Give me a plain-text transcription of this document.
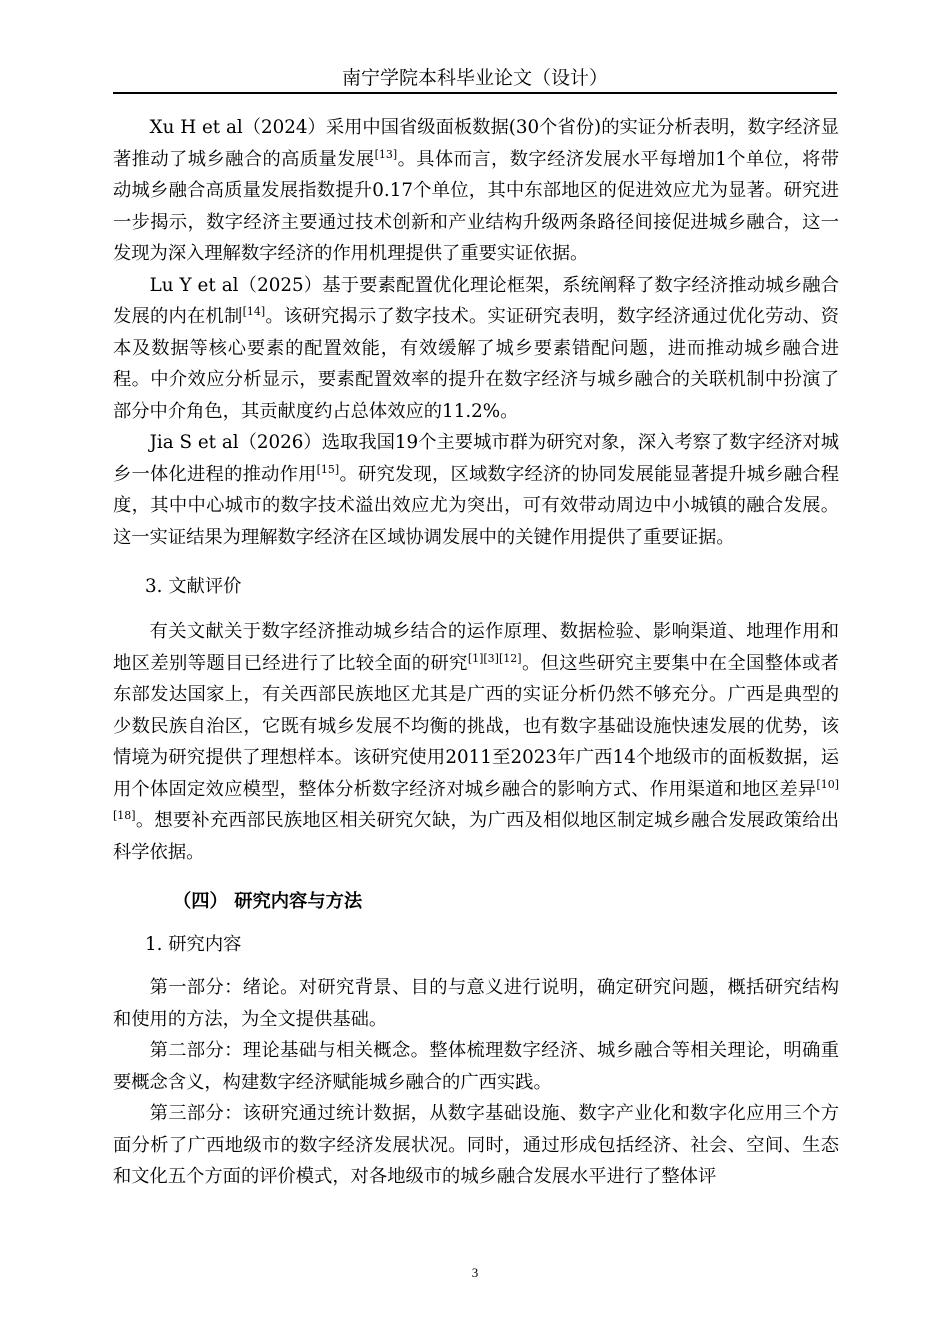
南宁学院本科毕业论文（设计）

Xu H et al（2024）采用中国省级面板数据(30个省份)的实证分析表明，数字经济显著推动了城乡融合的高质量发展[13]。具体而言，数字经济发展水平每增加1个单位，将带动城乡融合高质量发展指数提升0.17个单位，其中东部地区的促进效应尤为显著。研究进一步揭示，数字经济主要通过技术创新和产业结构升级两条路径间接促进城乡融合，这一发现为深入理解数字经济的作用机理提供了重要实证依据。

Lu Y et al（2025）基于要素配置优化理论框架，系统阐释了数字经济推动城乡融合发展的内在机制[14]。该研究揭示了数字技术。实证研究表明，数字经济通过优化劳动、资本及数据等核心要素的配置效能，有效缓解了城乡要素错配问题，进而推动城乡融合进程。中介效应分析显示，要素配置效率的提升在数字经济与城乡融合的关联机制中扮演了部分中介角色，其贡献度约占总体效应的11.2%。

Jia S et al（2026）选取我国19个主要城市群为研究对象，深入考察了数字经济对城乡一体化进程的推动作用[15]。研究发现，区域数字经济的协同发展能显著提升城乡融合程度，其中中心城市的数字技术溢出效应尤为突出，可有效带动周边中小城镇的融合发展。这一实证结果为理解数字经济在区域协调发展中的关键作用提供了重要证据。

3. 文献评价

有关文献关于数字经济推动城乡结合的运作原理、数据检验、影响渠道、地理作用和地区差别等题目已经进行了比较全面的研究[1][3][12]。但这些研究主要集中在全国整体或者东部发达国家上，有关西部民族地区尤其是广西的实证分析仍然不够充分。广西是典型的少数民族自治区，它既有城乡发展不均衡的挑战，也有数字基础设施快速发展的优势，该情境为研究提供了理想样本。该研究使用2011至2023年广西14个地级市的面板数据，运用个体固定效应模型，整体分析数字经济对城乡融合的影响方式、作用渠道和地区差异[10][18]。想要补充西部民族地区相关研究欠缺，为广西及相似地区制定城乡融合发展政策给出科学依据。

（四） 研究内容与方法
1. 研究内容

第一部分：绪论。对研究背景、目的与意义进行说明，确定研究问题，概括研究结构和使用的方法，为全文提供基础。

第二部分：理论基础与相关概念。整体梳理数字经济、城乡融合等相关理论，明确重要概念含义，构建数字经济赋能城乡融合的广西实践。

第三部分：该研究通过统计数据，从数字基础设施、数字产业化和数字化应用三个方面分析了广西地级市的数字经济发展状况。同时，通过形成包括经济、社会、空间、生态和文化五个方面的评价模式，对各地级市的城乡融合发展水平进行了整体评

3
